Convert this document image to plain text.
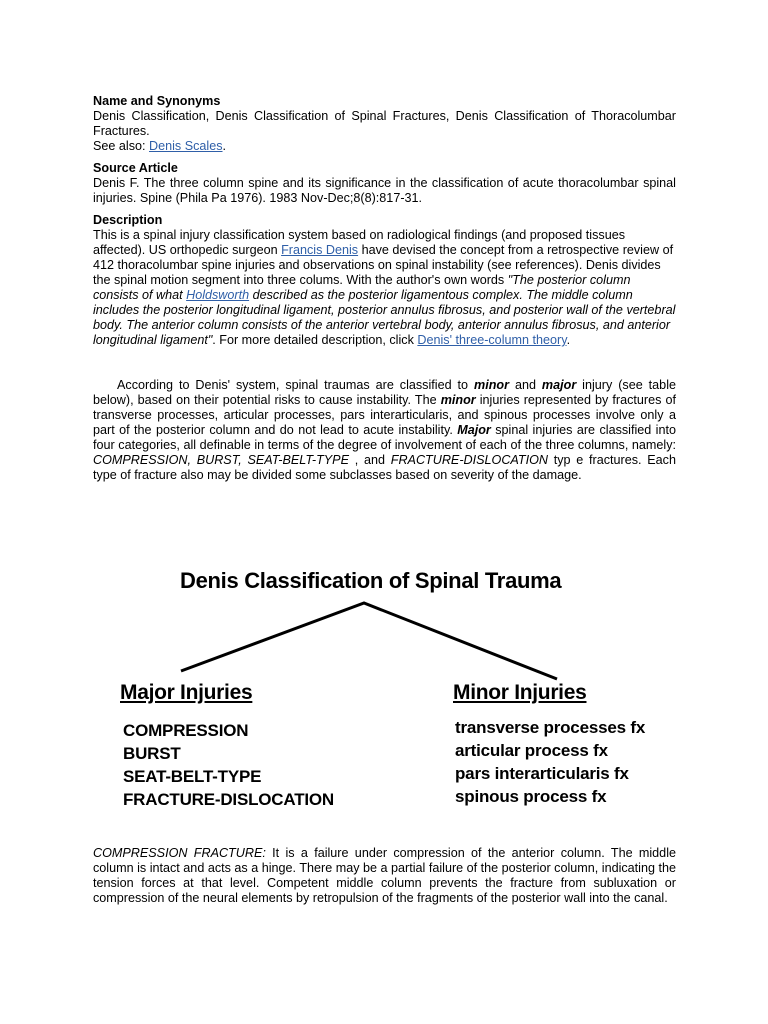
Name and Synonyms

Denis Classification, Denis Classification of Spinal Fractures, Denis Classification of Thoracolumbar Fractures.

See also: Denis Scales.

Source Article

Denis F. The three column spine and its significance in the classification of acute thoracolumbar spinal injuries. Spine (Phila Pa 1976). 1983 Nov-Dec;8(8):817-31.

Description

This is a spinal injury classification system based on radiological findings (and proposed tissues affected). US orthopedic surgeon Francis Denis have devised the concept from a retrospective review of 412 thoracolumbar spine injuries and observations on spinal instability (see references). Denis divides the spinal motion segment into three colums. With the author's own words "The posterior column consists of what Holdsworth described as the posterior ligamentous complex. The middle column includes the posterior longitudinal ligament, posterior annulus fibrosus, and posterior wall of the vertebral body. The anterior column consists of the anterior vertebral body, anterior annulus fibrosus, and anterior longitudinal ligament". For more detailed description, click Denis' three-column theory.

According to Denis' system, spinal traumas are classified to minor and major injury (see table below), based on their potential risks to cause instability. The minor injuries represented by fractures of transverse processes, articular processes, pars interarticularis, and spinous processes involve only a part of the posterior column and do not lead to acute instability. Major spinal injuries are classified into four categories, all definable in terms of the degree of involvement of each of the three columns, namely: COMPRESSION, BURST, SEAT-BELT-TYPE , and FRACTURE-DISLOCATION typ e fractures. Each type of fracture also may be divided some subclasses based on severity of the damage.

Denis Classification of Spinal Trauma
Major Injuries	Minor Injuries
COMPRESSION
BURST
SEAT-BELT-TYPE
FRACTURE-DISLOCATION
transverse processes fx
articular process fx
pars interarticularis fx
spinous process fx

COMPRESSION FRACTURE: It is a failure under compression of the anterior column. The middle column is intact and acts as a hinge. There may be a partial failure of the posterior column, indicating the tension forces at that level. Competent middle column prevents the fracture from subluxation or compression of the neural elements by retropulsion of the fragments of the posterior wall into the canal.
